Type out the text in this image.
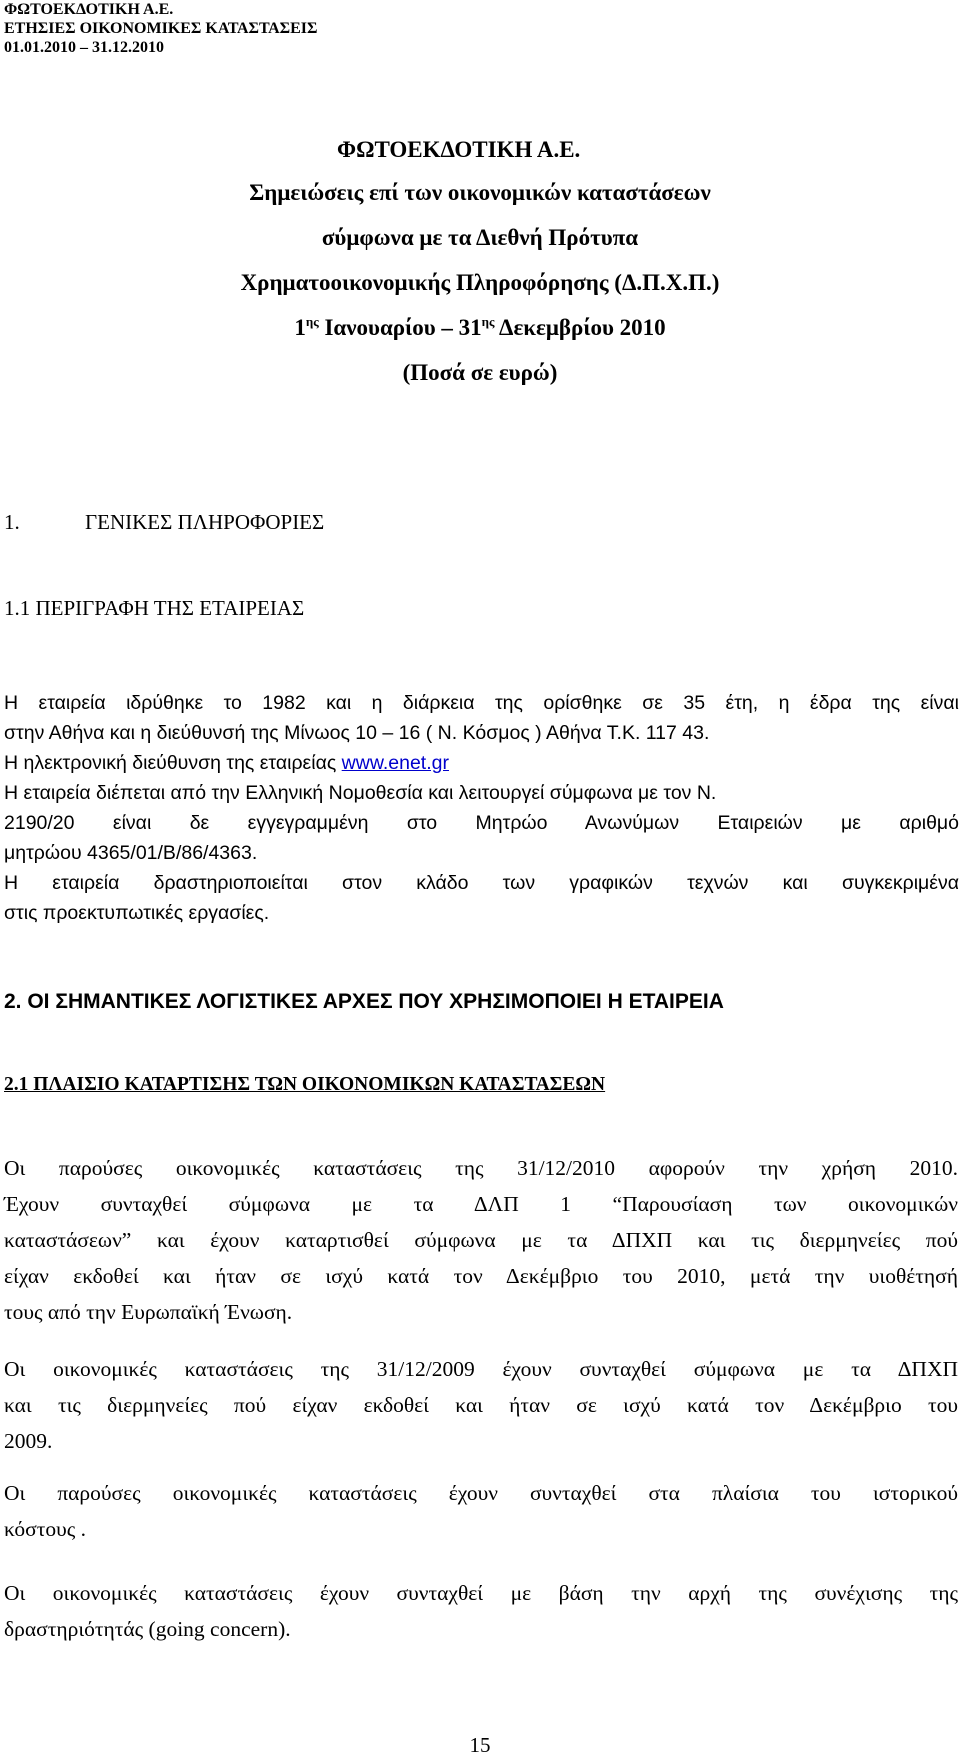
ΦΩΤΟΕΚΔΟΤΙΚΗ Α.Ε.
ΕΤΗΣΙΕΣ ΟΙΚΟΝΟΜΙΚΕΣ ΚΑΤΑΣΤΑΣΕΙΣ
01.01.2010 – 31.12.2010
ΦΩΤΟΕΚΔΟΤΙΚΗ Α.Ε.
Σημειώσεις επί των οικονομικών καταστάσεων
σύμφωνα με τα Διεθνή Πρότυπα
Χρηματοοικονομικής Πληροφόρησης (Δ.Π.Χ.Π.)
$1^{\eta\varsigma}$ Ιανουαρίου – $31^{\eta\varsigma}$ Δεκεμβρίου 2010
(Ποσά σε ευρώ)
1.	ΓΕΝΙΚΕΣ ΠΛΗΡΟΦΟΡΙΕΣ
1.1 ΠΕΡΙΓΡΑΦΗ ΤΗΣ ΕΤΑΙΡΕΙΑΣ
Η εταιρεία ιδρύθηκε το 1982 και η διάρκεια της ορίσθηκε σε 35 έτη, η έδρα της είναι
στην Αθήνα και η διεύθυνσή της Μίνωος 10 – 16 ( Ν. Κόσμος ) Αθήνα Τ.Κ. 117 43.
Η ηλεκτρονική διεύθυνση της εταιρείας www.enet.gr
Η εταιρεία διέπεται από την Ελληνική Νομοθεσία και λειτουργεί σύμφωνα με τον Ν.
2190/20 είναι δε εγγεγραμμένη στο Μητρώο Ανωνύμων Εταιρειών με αριθμό
μητρώου 4365/01/Β/86/4363.
Η εταιρεία δραστηριοποιείται στον κλάδο των γραφικών τεχνών και συγκεκριμένα
στις προεκτυπωτικές εργασίες.
2. ΟΙ ΣΗΜΑΝΤΙΚΕΣ ΛΟΓΙΣΤΙΚΕΣ ΑΡΧΕΣ ΠΟΥ ΧΡΗΣΙΜΟΠΟΙΕΙ Η ΕΤΑΙΡΕΙΑ
2.1 ΠΛΑΙΣΙΟ ΚΑΤΑΡΤΙΣΗΣ ΤΩΝ ΟΙΚΟΝΟΜΙΚΩΝ ΚΑΤΑΣΤΑΣΕΩΝ
Οι παρούσες οικονομικές καταστάσεις της 31/12/2010 αφορούν την χρήση 2010.
Έχουν συνταχθεί σύμφωνα με τα ΔΛΠ 1 “Παρουσίαση των οικονομικών
καταστάσεων” και έχουν καταρτισθεί σύμφωνα με τα ΔΠΧΠ και τις διερμηνείες πού
είχαν εκδοθεί και ήταν σε ισχύ κατά τον Δεκέμβριο του 2010, μετά την υιοθέτησή
τους από την Ευρωπαϊκή Ένωση.
Οι οικονομικές καταστάσεις της 31/12/2009 έχουν συνταχθεί σύμφωνα με τα ΔΠΧΠ
και τις διερμηνείες πού είχαν εκδοθεί και ήταν σε ισχύ κατά τον Δεκέμβριο του
2009.
Οι παρούσες οικονομικές καταστάσεις έχουν συνταχθεί στα πλαίσια του ιστορικού
κόστους .
Οι οικονομικές καταστάσεις έχουν συνταχθεί με βάση την αρχή της συνέχισης της
δραστηριότητάς (going concern).
15
